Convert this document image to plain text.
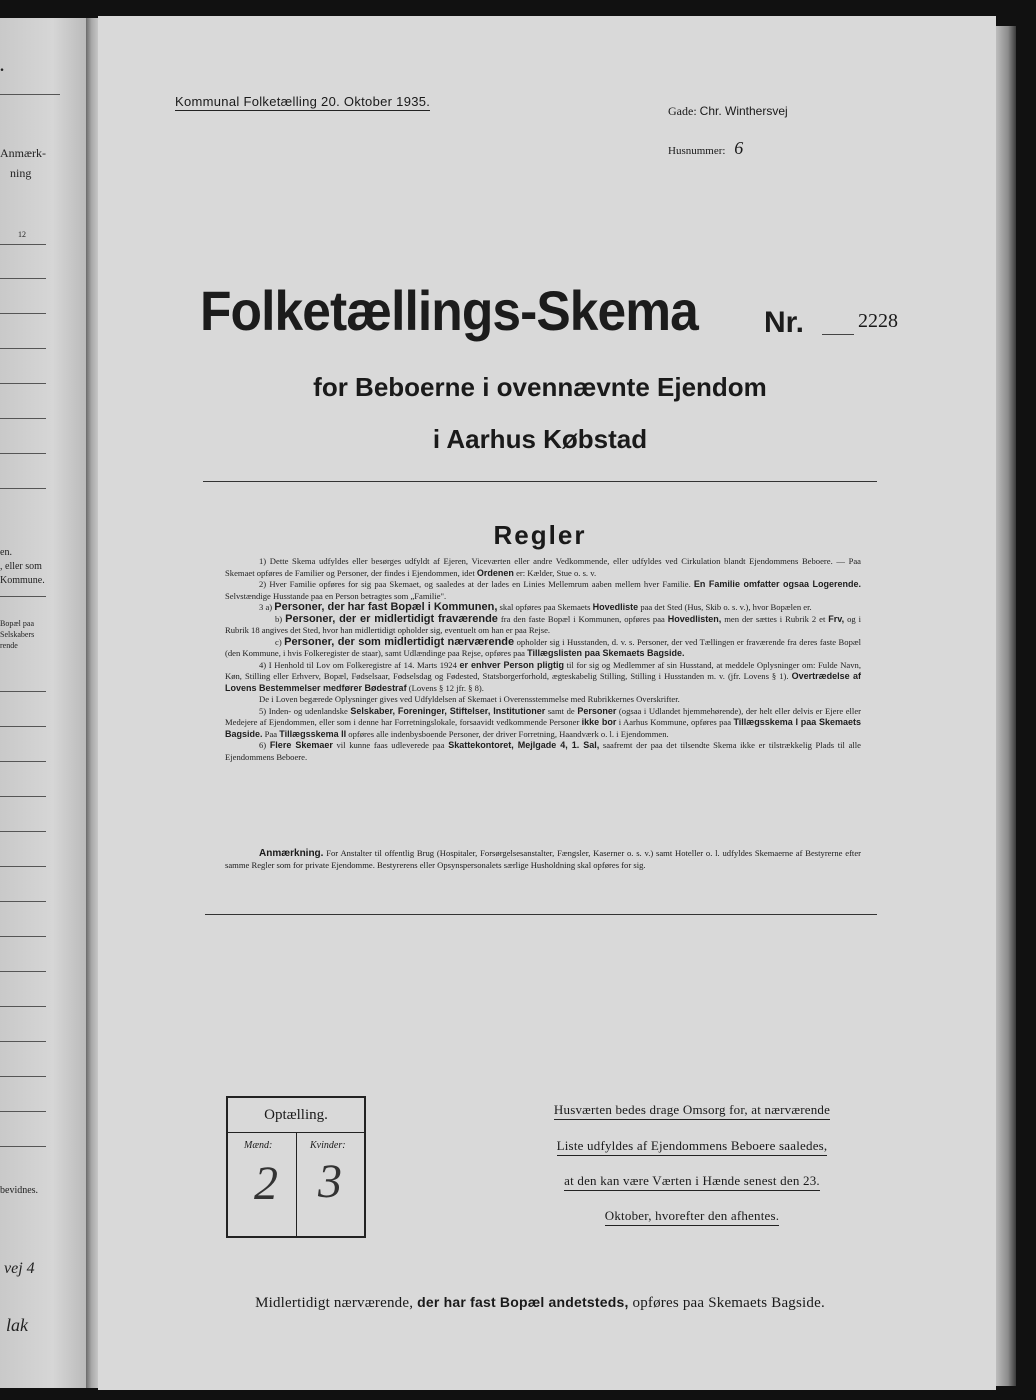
.
Anmærk-
ning
12
en.
, eller som
Kommune.
Bopæl paa
Selskabers
rende
bevidnes.
vej 4
lak
Kommunal Folketælling 20. Oktober 1935.
Gade: Chr. Winthersvej
Husnummer: 6
Folketællings-Skema Nr.	2228
for Beboerne i ovennævnte Ejendom
i Aarhus Købstad
Regler

1) Dette Skema udfyldes eller besørges udfyldt af Ejeren, Viceværten eller andre Vedkommende, eller udfyldes ved Cirkulation blandt Ejendommens Beboere. — Paa Skemaet opføres de Familier og Personer, der findes i Ejendommen, idet Ordenen er: Kælder, Stue o. s. v.

2) Hver Familie opføres for sig paa Skemaet, og saaledes at der lades en Linies Mellemrum aaben mellem hver Familie. En Familie omfatter ogsaa Logerende. Selvstændige Husstande paa en Person betragtes som „Familie".

3 a) Personer, der har fast Bopæl i Kommunen, skal opføres paa Skemaets Hovedliste paa det Sted (Hus, Skib o. s. v.), hvor Bopælen er.

b) Personer, der er midlertidigt fraværende fra den faste Bopæl i Kommunen, opføres paa Hovedlisten, men der sættes i Rubrik 2 et Frv, og i Rubrik 18 angives det Sted, hvor han midlertidigt opholder sig, eventuelt om han er paa Rejse.

c) Personer, der som midlertidigt nærværende opholder sig i Husstanden, d. v. s. Personer, der ved Tællingen er fraværende fra deres faste Bopæl (den Kommune, i hvis Folkeregister de staar), samt Udlændinge paa Rejse, opføres paa Tillægslisten paa Skemaets Bagside.

4) I Henhold til Lov om Folkeregistre af 14. Marts 1924 er enhver Person pligtig til for sig og Medlemmer af sin Husstand, at meddele Oplysninger om: Fulde Navn, Køn, Stilling eller Erhverv, Bopæl, Fødselsaar, Fødselsdag og Fødested, Statsborgerforhold, ægteskabelig Stilling, Stilling i Husstanden m. v. (jfr. Lovens § 1). Overtrædelse af Lovens Bestemmelser medfører Bødestraf (Lovens § 12 jfr. § 8).

De i Loven begærede Oplysninger gives ved Udfyldelsen af Skemaet i Overensstemmelse med Rubrikkernes Overskrifter.

5) Inden- og udenlandske Selskaber, Foreninger, Stiftelser, Institutioner samt de Personer (ogsaa i Udlandet hjemmehørende), der helt eller delvis er Ejere eller Medejere af Ejendommen, eller som i denne har Forretningslokale, forsaavidt vedkommende Personer ikke bor i Aarhus Kommune, opføres paa Tillægsskema I paa Skemaets Bagside. Paa Tillægsskema II opføres alle indenbysboende Personer, der driver Forretning, Haandværk o. l. i Ejendommen.

6) Flere Skemaer vil kunne faas udleverede paa Skattekontoret, Mejlgade 4, 1. Sal, saafremt der paa det tilsendte Skema ikke er tilstrækkelig Plads til alle Ejendommens Beboere.

Anmærkning. For Anstalter til offentlig Brug (Hospitaler, Forsørgelsesanstalter, Fængsler, Kaserner o. s. v.) samt Hoteller o. l. udfyldes Skemaerne af Bestyrerne efter samme Regler som for private Ejendomme. Bestyrerens eller Opsynspersonalets særlige Husholdning skal opføres for sig.

Optælling.
Mænd:	Kvinder:
2 3
Husværten bedes drage Omsorg for, at nærværende
Liste udfyldes af Ejendommens Beboere saaledes,
at den kan være Værten i Hænde senest den 23.
Oktober, hvorefter den afhentes.
Midlertidigt nærværende, der har fast Bopæl andetsteds, opføres paa Skemaets Bagside.
